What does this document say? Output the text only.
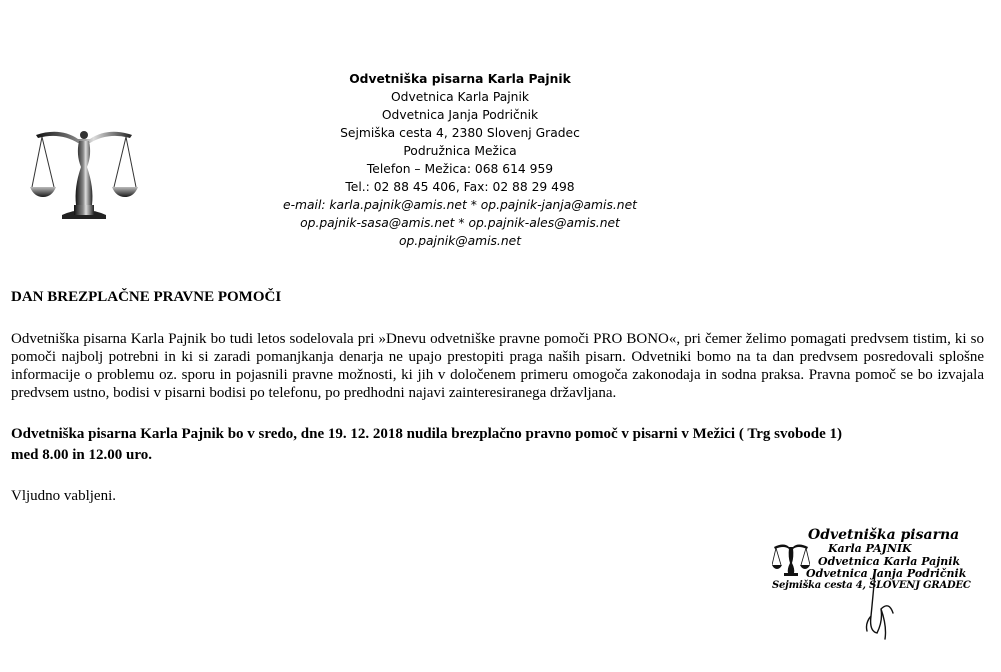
Odvetniška pisarna Karla Pajnik
Odvetnica Karla Pajnik
Odvetnica Janja Podričnik
Sejmiška cesta 4, 2380 Slovenj Gradec
Podružnica Mežica
Telefon – Mežica: 068 614 959
Tel.: 02 88 45 406, Fax: 02 88 29 498
e-mail: karla.pajnik@amis.net * op.pajnik-janja@amis.net
op.pajnik-sasa@amis.net * op.pajnik-ales@amis.net
op.pajnik@amis.net
DAN BREZPLAČNE PRAVNE POMOČI
Odvetniška pisarna Karla Pajnik bo tudi letos sodelovala pri »Dnevu odvetniške pravne pomoči PRO BONO«, pri čemer želimo pomagati predvsem tistim, ki so pomoči najbolj potrebni in ki si zaradi pomanjkanja denarja ne upajo prestopiti praga naših pisarn. Odvetniki bomo na ta dan predvsem posredovali splošne informacije o problemu oz. sporu in pojasnili pravne možnosti, ki jih v določenem primeru omogoča zakonodaja in sodna praksa. Pravna pomoč se bo izvajala predvsem ustno, bodisi v pisarni bodisi po telefonu, po predhodni najavi zainteresiranega državljana.
Odvetniška pisarna Karla Pajnik bo v sredo, dne 19. 12. 2018 nudila brezplačno pravno pomoč v pisarni v Mežici ( Trg svobode 1)
med 8.00 in 12.00 uro.
Vljudno vabljeni.
Odvetniška pisarna
Karla PAJNIK
Odvetnica Karla Pajnik
Odvetnica Janja Podričnik
Sejmiška cesta 4, SLOVENJ GRADEC
